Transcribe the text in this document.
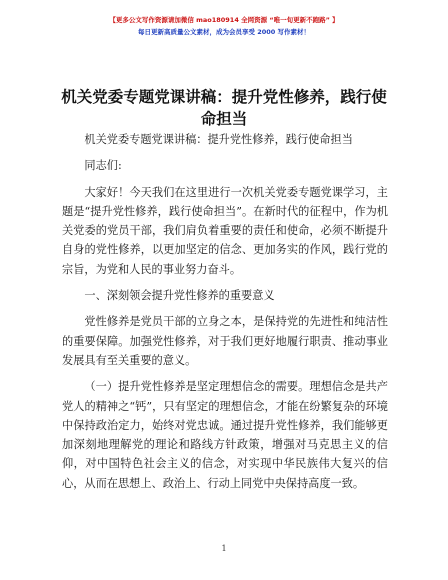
【更多公文写作资源请加微信 mao180914 全网资源 “唯一旬更新不跑路” 】
每日更新高质量公文素材，成为会员享受 2000 写作素材！
机关党委专题党课讲稿：提升党性修养，践行使命担当

机关党委专题党课讲稿：提升党性修养，践行使命担当

同志们:

大家好！今天我们在这里进行一次机关党委专题党课学习，主题是“提升党性修养，践行使命担当”。在新时代的征程中，作为机关党委的党员干部，我们肩负着重要的责任和使命，必须不断提升自身的党性修养，以更加坚定的信念、更加务实的作风，践行党的宗旨，为党和人民的事业努力奋斗。

一、深刻领会提升党性修养的重要意义

党性修养是党员干部的立身之本，是保持党的先进性和纯洁性的重要保障。加强党性修养，对于我们更好地履行职责、推动事业发展具有至关重要的意义。

（一）提升党性修养是坚定理想信念的需要。理想信念是共产党人的精神之“钙”，只有坚定的理想信念，才能在纷繁复杂的环境中保持政治定力，始终对党忠诚。通过提升党性修养，我们能够更加深刻地理解党的理论和路线方针政策，增强对马克思主义的信仰，对中国特色社会主义的信念，对实现中华民族伟大复兴的信心，从而在思想上、政治上、行动上同党中央保持高度一致。

1
